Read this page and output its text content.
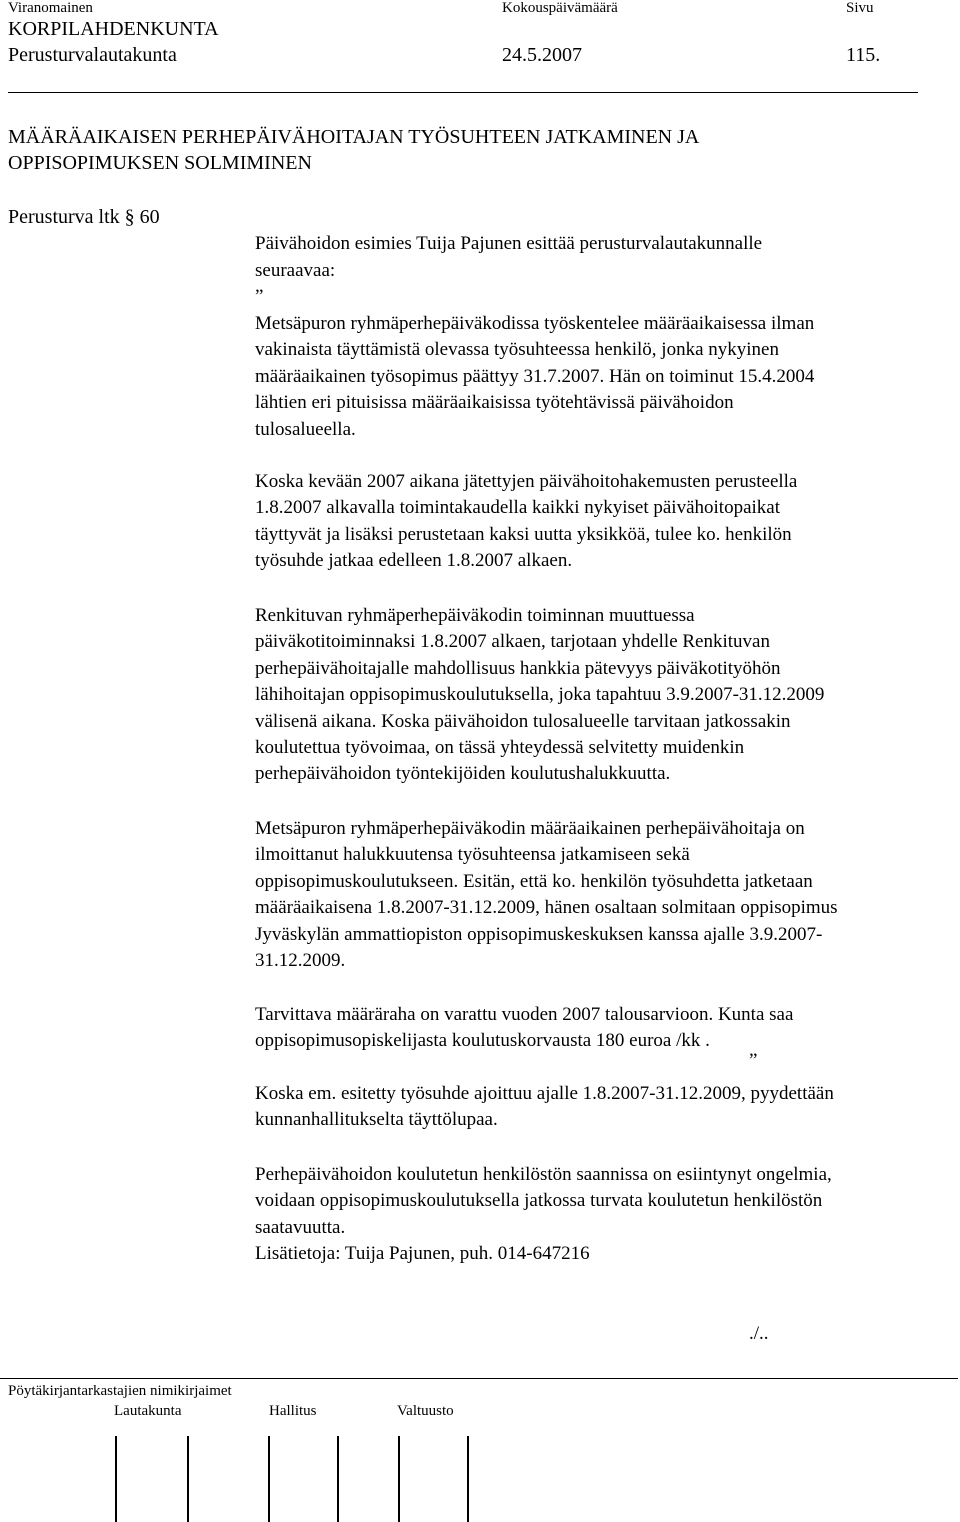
Viranomainen	Kokouspäivämäärä	Sivu
KORPILAHDENKUNTA
Perusturvalautakunta	24.5.2007	115.
MÄÄRÄAIKAISEN PERHEPÄIVÄHOITAJAN TYÖSUHTEEN JATKAMINEN JA
OPPISOPIMUKSEN SOLMIMINEN
Perusturva ltk § 60
Päivähoidon esimies Tuija Pajunen esittää perusturvalautakunnalle
seuraavaa:
”
Metsäpuron ryhmäperhepäiväkodissa työskentelee määräaikaisessa ilman
vakinaista täyttämistä olevassa työsuhteessa henkilö, jonka nykyinen
määräaikainen työsopimus päättyy 31.7.2007. Hän on toiminut 15.4.2004
lähtien eri pituisissa määräaikaisissa työtehtävissä päivähoidon
tulosalueella.
Koska kevään 2007 aikana jätettyjen päivähoitohakemusten perusteella
1.8.2007 alkavalla toimintakaudella kaikki nykyiset päivähoitopaikat
täyttyvät ja lisäksi perustetaan kaksi uutta yksikköä, tulee ko. henkilön
työsuhde jatkaa edelleen 1.8.2007 alkaen.
Renkituvan ryhmäperhepäiväkodin toiminnan muuttuessa
päiväkotitoiminnaksi 1.8.2007 alkaen, tarjotaan yhdelle Renkituvan
perhepäivähoitajalle mahdollisuus hankkia pätevyys päiväkotityöhön
lähihoitajan oppisopimuskoulutuksella, joka tapahtuu 3.9.2007-31.12.2009
välisenä aikana. Koska päivähoidon tulosalueelle tarvitaan jatkossakin
koulutettua työvoimaa, on tässä yhteydessä selvitetty muidenkin
perhepäivähoidon työntekijöiden koulutushalukkuutta.
Metsäpuron ryhmäperhepäiväkodin määräaikainen perhepäivähoitaja on
ilmoittanut halukkuutensa työsuhteensa jatkamiseen sekä
oppisopimuskoulutukseen. Esitän, että ko. henkilön työsuhdetta jatketaan
määräaikaisena 1.8.2007-31.12.2009, hänen osaltaan solmitaan oppisopimus
Jyväskylän ammattiopiston oppisopimuskeskuksen kanssa ajalle 3.9.2007-
31.12.2009.
Tarvittava määräraha on varattu vuoden 2007 talousarvioon. Kunta saa
oppisopimusopiskelijasta koulutuskorvausta 180 euroa /kk .
”
Koska em. esitetty työsuhde ajoittuu ajalle 1.8.2007-31.12.2009, pyydettään
kunnanhallitukselta täyttölupaa.
Perhepäivähoidon koulutetun henkilöstön saannissa on esiintynyt ongelmia,
voidaan oppisopimuskoulutuksella jatkossa turvata koulutetun henkilöstön
saatavuutta.
Lisätietoja: Tuija Pajunen, puh. 014-647216
./..
Pöytäkirjantarkastajien nimikirjaimet
Lautakunta	Hallitus	Valtuusto
